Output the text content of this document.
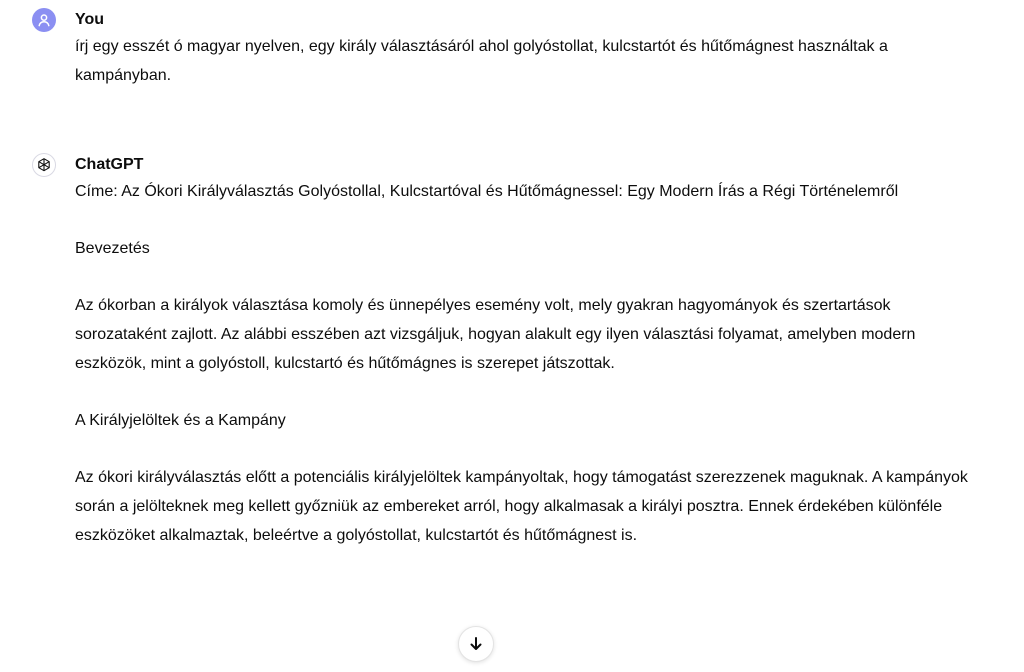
You
írj egy esszét ó magyar nyelven, egy király választásáról ahol golyóstollat, kulcstartót és hűtőmágnest használtak a kampányban.
ChatGPT

Címe: Az Ókori Királyválasztás Golyóstollal, Kulcstartóval és Hűtőmágnessel: Egy Modern Írás a Régi Történelemről

Bevezetés

Az ókorban a királyok választása komoly és ünnepélyes esemény volt, mely gyakran hagyományok és szertartások sorozataként zajlott. Az alábbi esszében azt vizsgáljuk, hogyan alakult egy ilyen választási folyamat, amelyben modern eszközök, mint a golyóstoll, kulcstartó és hűtőmágnes is szerepet játszottak.

A Királyjelöltek és a Kampány

Az ókori királyválasztás előtt a potenciális királyjelöltek kampányoltak, hogy támogatást szerezzenek maguknak. A kampányok során a jelölteknek meg kellett győzniük az embereket arról, hogy alkalmasak a királyi posztra. Ennek érdekében különféle eszközöket alkalmaztak, beleértve a golyóstollat, kulcstartót és hűtőmágnest is.
